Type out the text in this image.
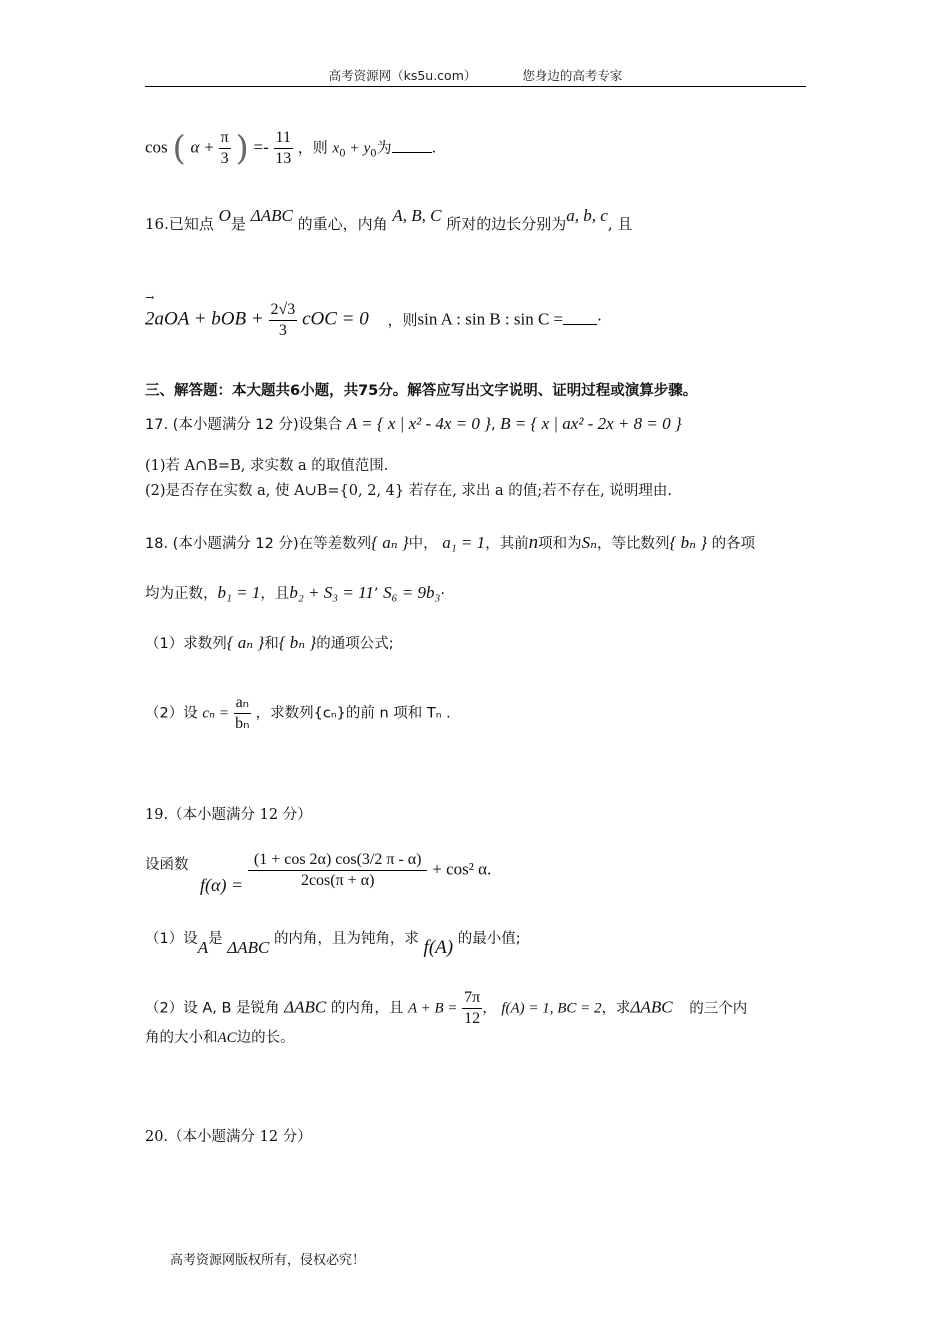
高考资源网（ks5u.com）	您身边的高考专家
cos ( $\alpha + \frac{\pi}{3}$ ) =- $\frac{11}{13}$ ，则 $x_0 + y_0$为	.
16.已知点 O是 ΔABC 的重心，内角 A, B, C 所对的边长分别为a, b, c, 且
→
2aOA + bOB + $\frac{2√3}{3}$ cOC = 0 ，则sin A : sin B : sin C = ·
三、解答题：本大题共6小题，共75分。解答应写出文字说明、证明过程或演算步骤。
17. (本小题满分 12 分)设集合 A = { x | x² - 4x = 0 }, B = { x | ax² - 2x + 8 = 0 }
(1)若 A∩B=B, 求实数 a 的取值范围.
(2)是否存在实数 a, 使 A∪B={0, 2, 4} 若存在, 求出 a 的值;若不存在, 说明理由.
18. (本小题满分 12 分)在等差数列{ aₙ }中， a₁ = 1，其前n项和为Sₙ，等比数列{ bₙ } 的各项
均为正数，b₁ = 1，且b₂ + S₃ = 11’ S₆ = 9b₃·
（1）求数列{ aₙ }和{ bₙ }的通项公式;
（2）设 $c_n = \frac{\text{aₙ}}{\text{bₙ}}$ ，求数列{cₙ}的前 n 项和 Tₙ .
19.（本小题满分 12 分）
设函数
$f(\alpha) = \frac{(1 + \cos 2\alpha) \cos(3/2 \pi - \alpha)}{2\cos(\pi + \alpha)} + \cos^2$ α.
（1）设A是 ΔABC 的内角，且为钝角，求 f(A) 的最小值;
（2）设 A, B 是锐角 ΔABC 的内角，且 $A + B = \frac{7\pi}{12}$ ， f(A) = 1, BC = 2，求ΔABC 的三个内
角的大小和AC边的长。
20.（本小题满分 12 分）
高考资源网版权所有，侵权必究！
